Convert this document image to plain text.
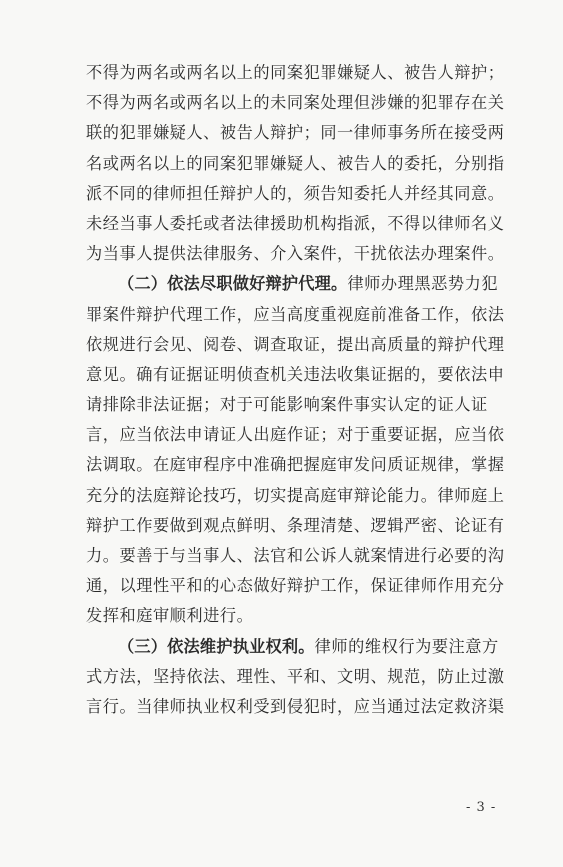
不得为两名或两名以上的同案犯罪嫌疑人、被告人辩护；
不得为两名或两名以上的未同案处理但涉嫌的犯罪存在关
联的犯罪嫌疑人、被告人辩护；同一律师事务所在接受两
名或两名以上的同案犯罪嫌疑人、被告人的委托，分别指
派不同的律师担任辩护人的，须告知委托人并经其同意。
未经当事人委托或者法律援助机构指派，不得以律师名义
为当事人提供法律服务、介入案件，干扰依法办理案件。
（二）依法尽职做好辩护代理。律师办理黑恶势力犯
罪案件辩护代理工作，应当高度重视庭前准备工作，依法
依规进行会见、阅卷、调查取证，提出高质量的辩护代理
意见。确有证据证明侦查机关违法收集证据的，要依法申
请排除非法证据；对于可能影响案件事实认定的证人证
言，应当依法申请证人出庭作证；对于重要证据，应当依
法调取。在庭审程序中准确把握庭审发问质证规律，掌握
充分的法庭辩论技巧，切实提高庭审辩论能力。律师庭上
辩护工作要做到观点鲜明、条理清楚、逻辑严密、论证有
力。要善于与当事人、法官和公诉人就案情进行必要的沟
通，以理性平和的心态做好辩护工作，保证律师作用充分
发挥和庭审顺利进行。
（三）依法维护执业权利。律师的维权行为要注意方
式方法，坚持依法、理性、平和、文明、规范，防止过激
言行。当律师执业权利受到侵犯时，应当通过法定救济渠
- 3 -
